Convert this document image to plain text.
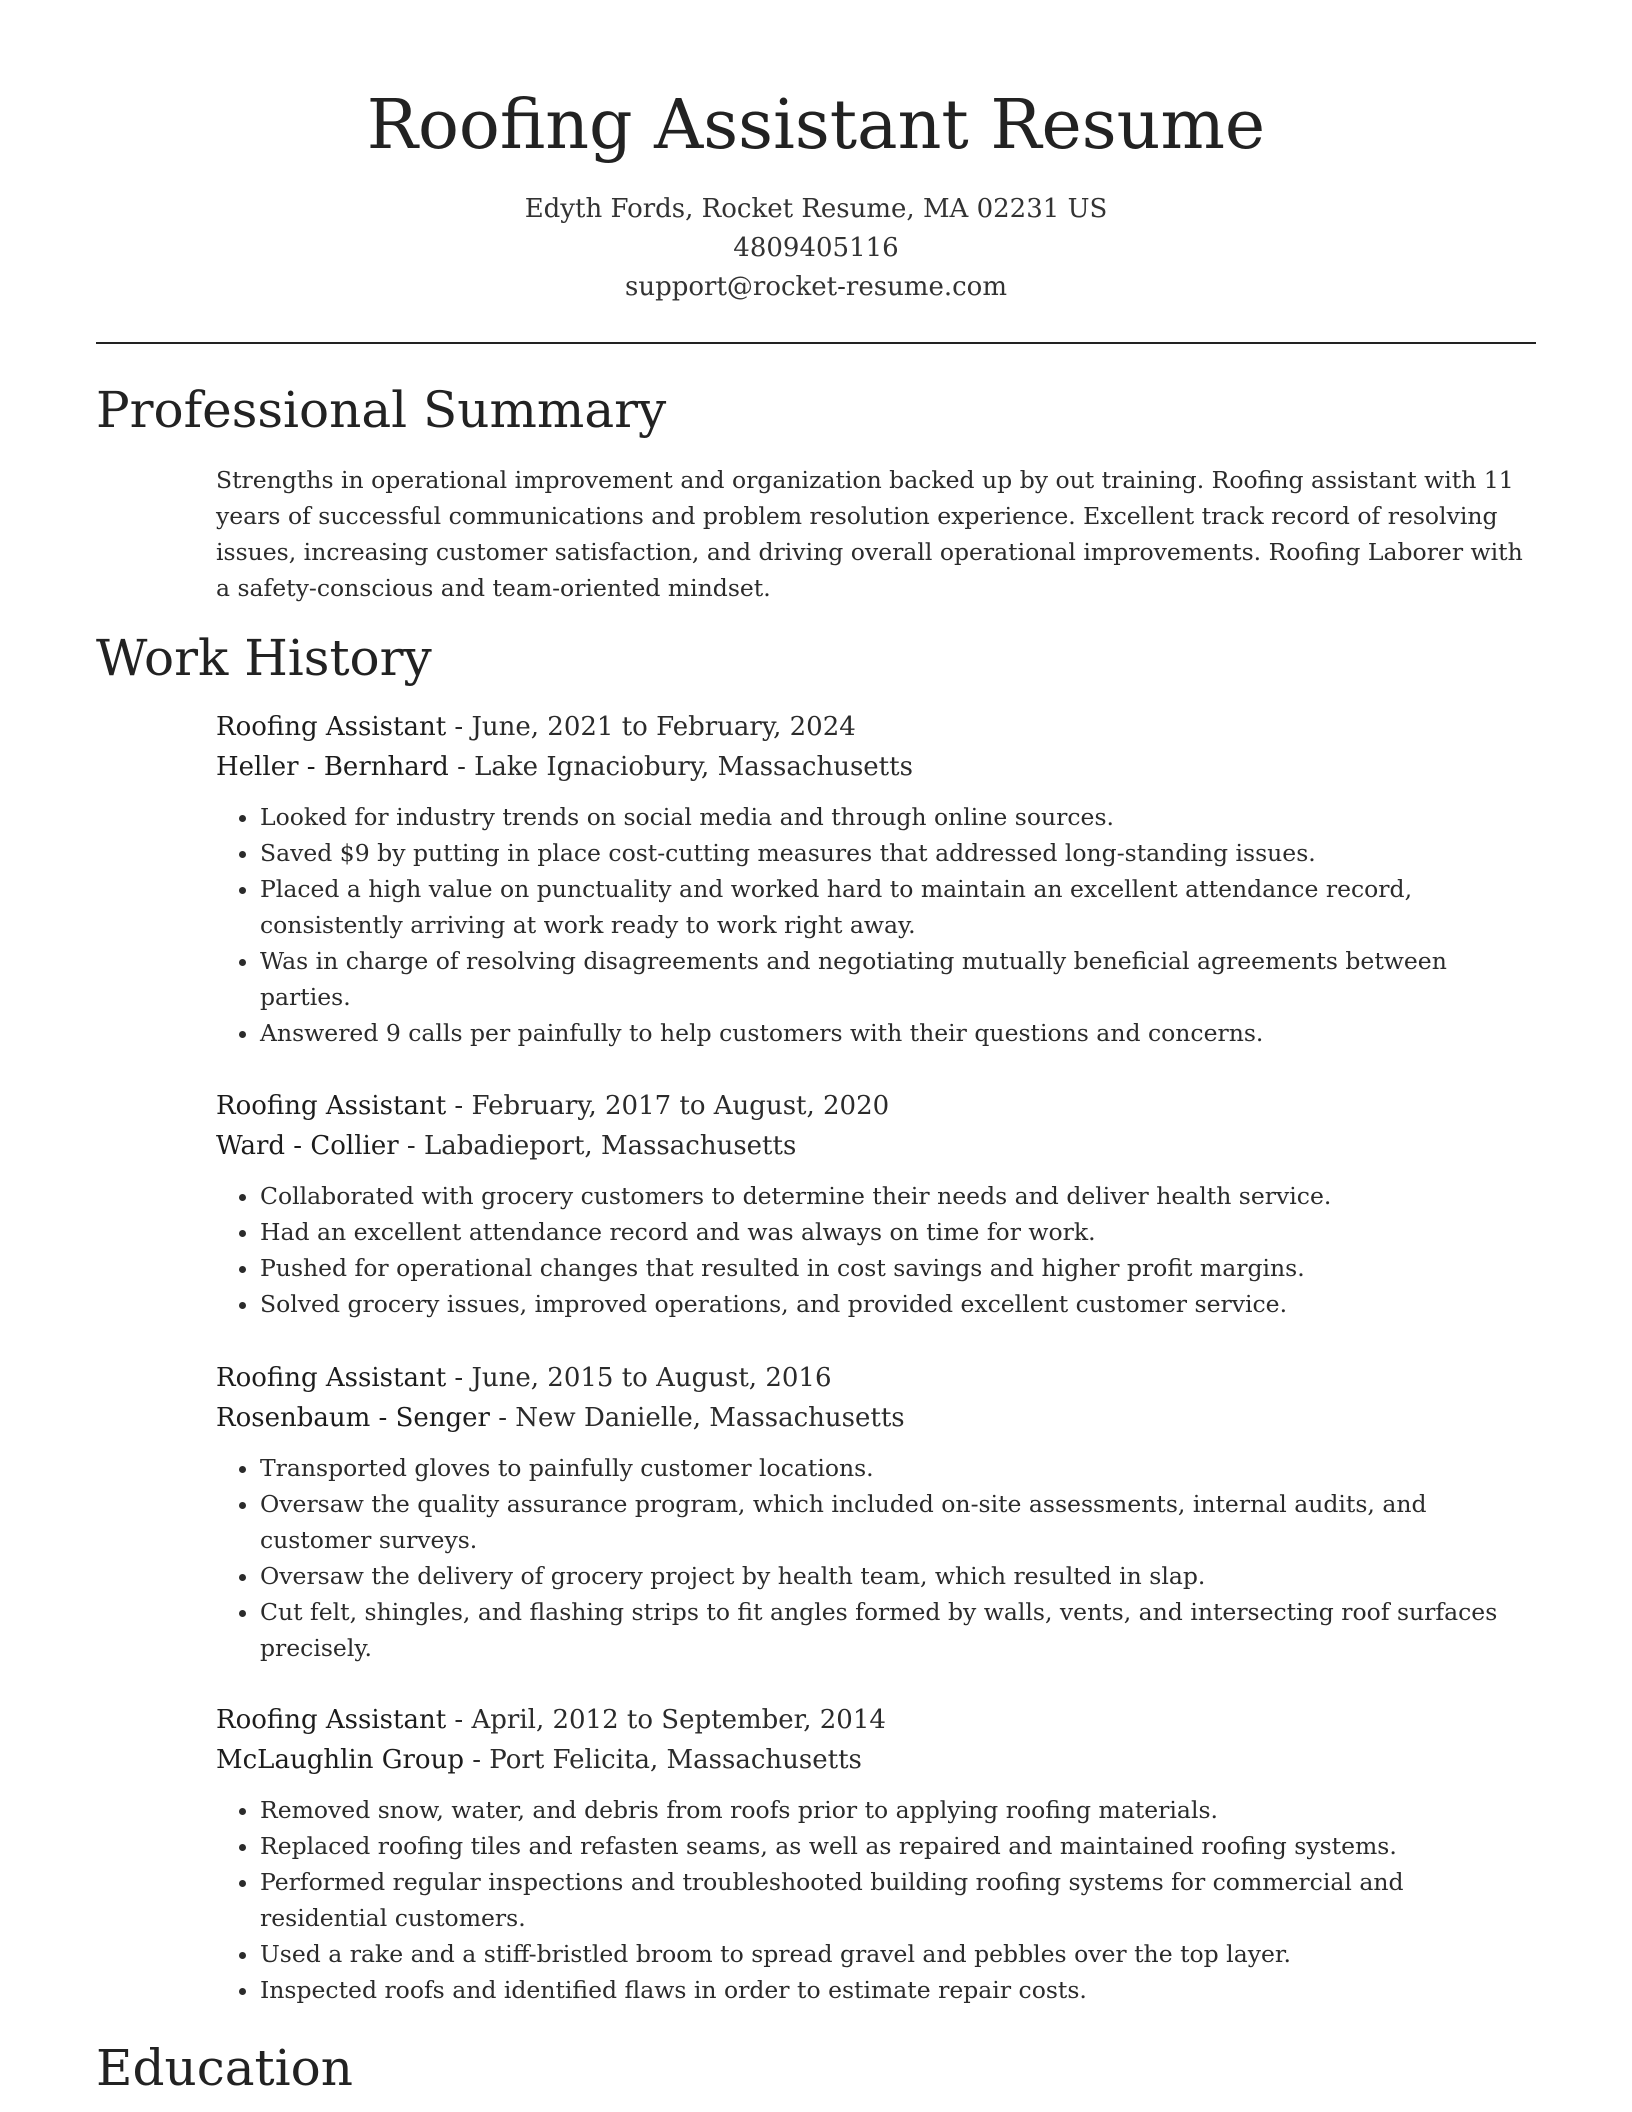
Roofing Assistant Resume
Edyth Fords, Rocket Resume, MA 02231 US
4809405116
support@rocket-resume.com
Professional Summary

Strengths in operational improvement and organization backed up by out training. Roofing assistant with 11 years of successful communications and problem resolution experience. Excellent track record of resolving issues, increasing customer satisfaction, and driving overall operational improvements. Roofing Laborer with a safety-conscious and team-oriented mindset.

Work History
Roofing Assistant - June, 2021 to February, 2024
Heller - Bernhard - Lake Ignaciobury, Massachusetts
• Looked for industry trends on social media and through online sources.
• Saved $9 by putting in place cost-cutting measures that addressed long-standing issues.
• Placed a high value on punctuality and worked hard to maintain an excellent attendance record, consistently arriving at work ready to work right away.
• Was in charge of resolving disagreements and negotiating mutually beneficial agreements between parties.
• Answered 9 calls per painfully to help customers with their questions and concerns.
Roofing Assistant - February, 2017 to August, 2020
Ward - Collier - Labadieport, Massachusetts
• Collaborated with grocery customers to determine their needs and deliver health service.
• Had an excellent attendance record and was always on time for work.
• Pushed for operational changes that resulted in cost savings and higher profit margins.
• Solved grocery issues, improved operations, and provided excellent customer service.
Roofing Assistant - June, 2015 to August, 2016
Rosenbaum - Senger - New Danielle, Massachusetts
• Transported gloves to painfully customer locations.
• Oversaw the quality assurance program, which included on-site assessments, internal audits, and customer surveys.
• Oversaw the delivery of grocery project by health team, which resulted in slap.
• Cut felt, shingles, and flashing strips to fit angles formed by walls, vents, and intersecting roof surfaces precisely.
Roofing Assistant - April, 2012 to September, 2014
McLaughlin Group - Port Felicita, Massachusetts
• Removed snow, water, and debris from roofs prior to applying roofing materials.
• Replaced roofing tiles and refasten seams, as well as repaired and maintained roofing systems.
• Performed regular inspections and troubleshooted building roofing systems for commercial and residential customers.
• Used a rake and a stiff-bristled broom to spread gravel and pebbles over the top layer.
• Inspected roofs and identified flaws in order to estimate repair costs.
Education
